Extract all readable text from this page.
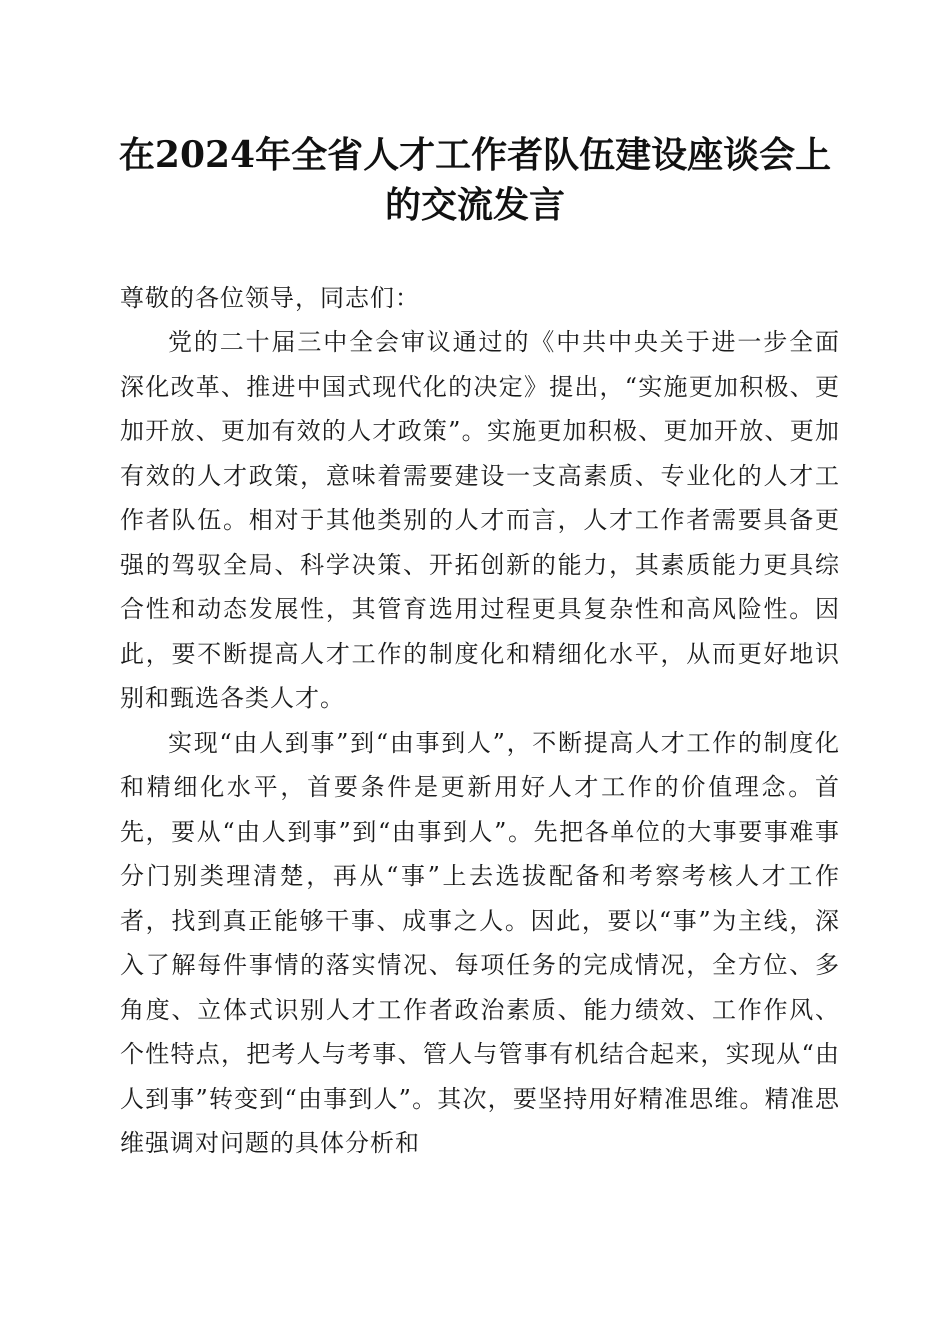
在2024年全省人才工作者队伍建设座谈会上的交流发言

尊敬的各位领导，同志们：

党的二十届三中全会审议通过的《中共中央关于进一步全面深化改革、推进中国式现代化的决定》提出，“实施更加积极、更加开放、更加有效的人才政策”。实施更加积极、更加开放、更加有效的人才政策，意味着需要建设一支高素质、专业化的人才工作者队伍。相对于其他类别的人才而言，人才工作者需要具备更强的驾驭全局、科学决策、开拓创新的能力，其素质能力更具综合性和动态发展性，其管育选用过程更具复杂性和高风险性。因此，要不断提高人才工作的制度化和精细化水平，从而更好地识别和甄选各类人才。

实现“由人到事”到“由事到人”，不断提高人才工作的制度化和精细化水平，首要条件是更新用好人才工作的价值理念。首先，要从“由人到事”到“由事到人”。先把各单位的大事要事难事分门别类理清楚，再从“事”上去选拔配备和考察考核人才工作者，找到真正能够干事、成事之人。因此，要以“事”为主线，深入了解每件事情的落实情况、每项任务的完成情况，全方位、多角度、立体式识别人才工作者政治素质、能力绩效、工作作风、个性特点，把考人与考事、管人与管事有机结合起来，实现从“由人到事”转变到“由事到人”。其次，要坚持用好精准思维。精准思维强调对问题的具体分析和
